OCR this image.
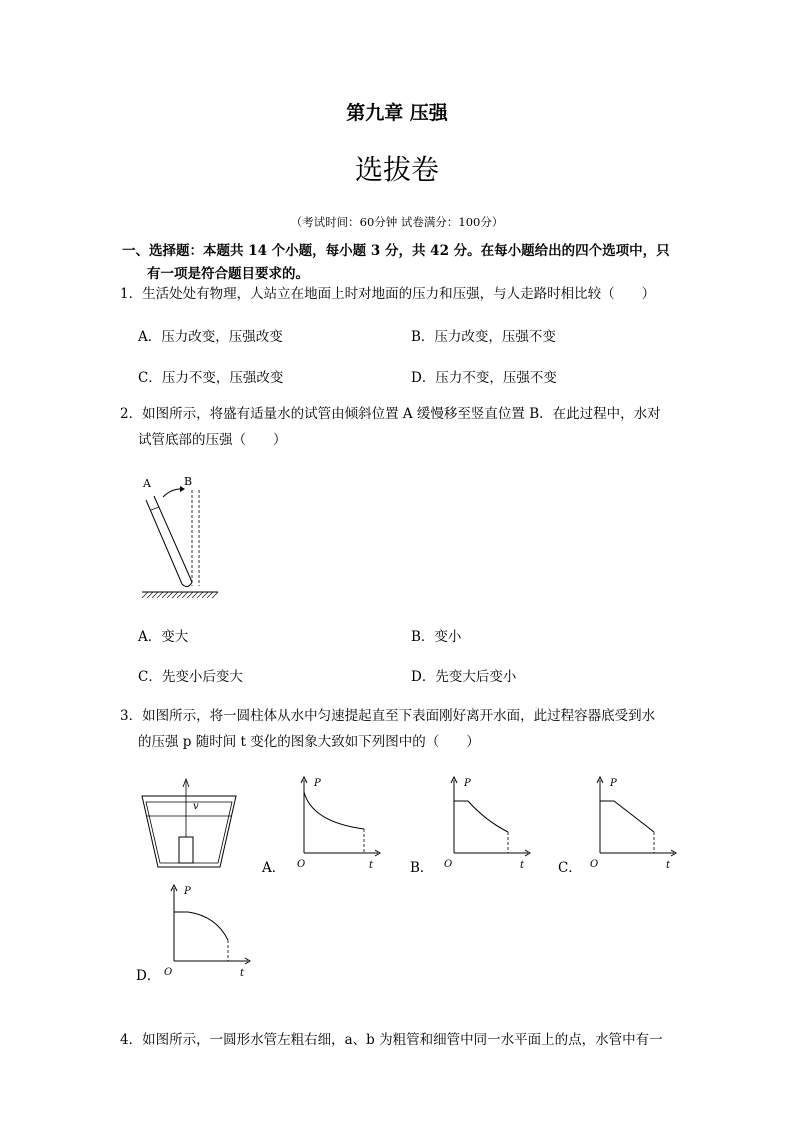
第九章 压强
选拔卷
（考试时间：60分钟 试卷满分：100分）
一、选择题：本题共 14 个小题，每小题 3 分，共 42 分。在每小题给出的四个选项中，只
有一项是符合题目要求的。
1．生活处处有物理，人站立在地面上时对地面的压力和压强，与人走路时相比较（　　）
A．压力改变，压强改变	B．压力改变，压强不变
C．压力不变，压强改变	D．压力不变，压强不变
2．如图所示，将盛有适量水的试管由倾斜位置 A 缓慢移至竖直位置 B．在此过程中，水对
试管底部的压强（　　）
A	B
A．变大	B．变小
C．先变小后变大	D．先变大后变小
3．如图所示，将一圆柱体从水中匀速提起直至下表面刚好离开水面，此过程容器底受到水
的压强 p 随时间 t 变化的图象大致如下列图中的（　　）
v
A．
P
O	t	B．
P
O	t	C．
P
O	t
D．
P
O	t
4．如图所示，一圆形水管左粗右细，a、b 为粗管和细管中同一水平面上的点，水管中有一
